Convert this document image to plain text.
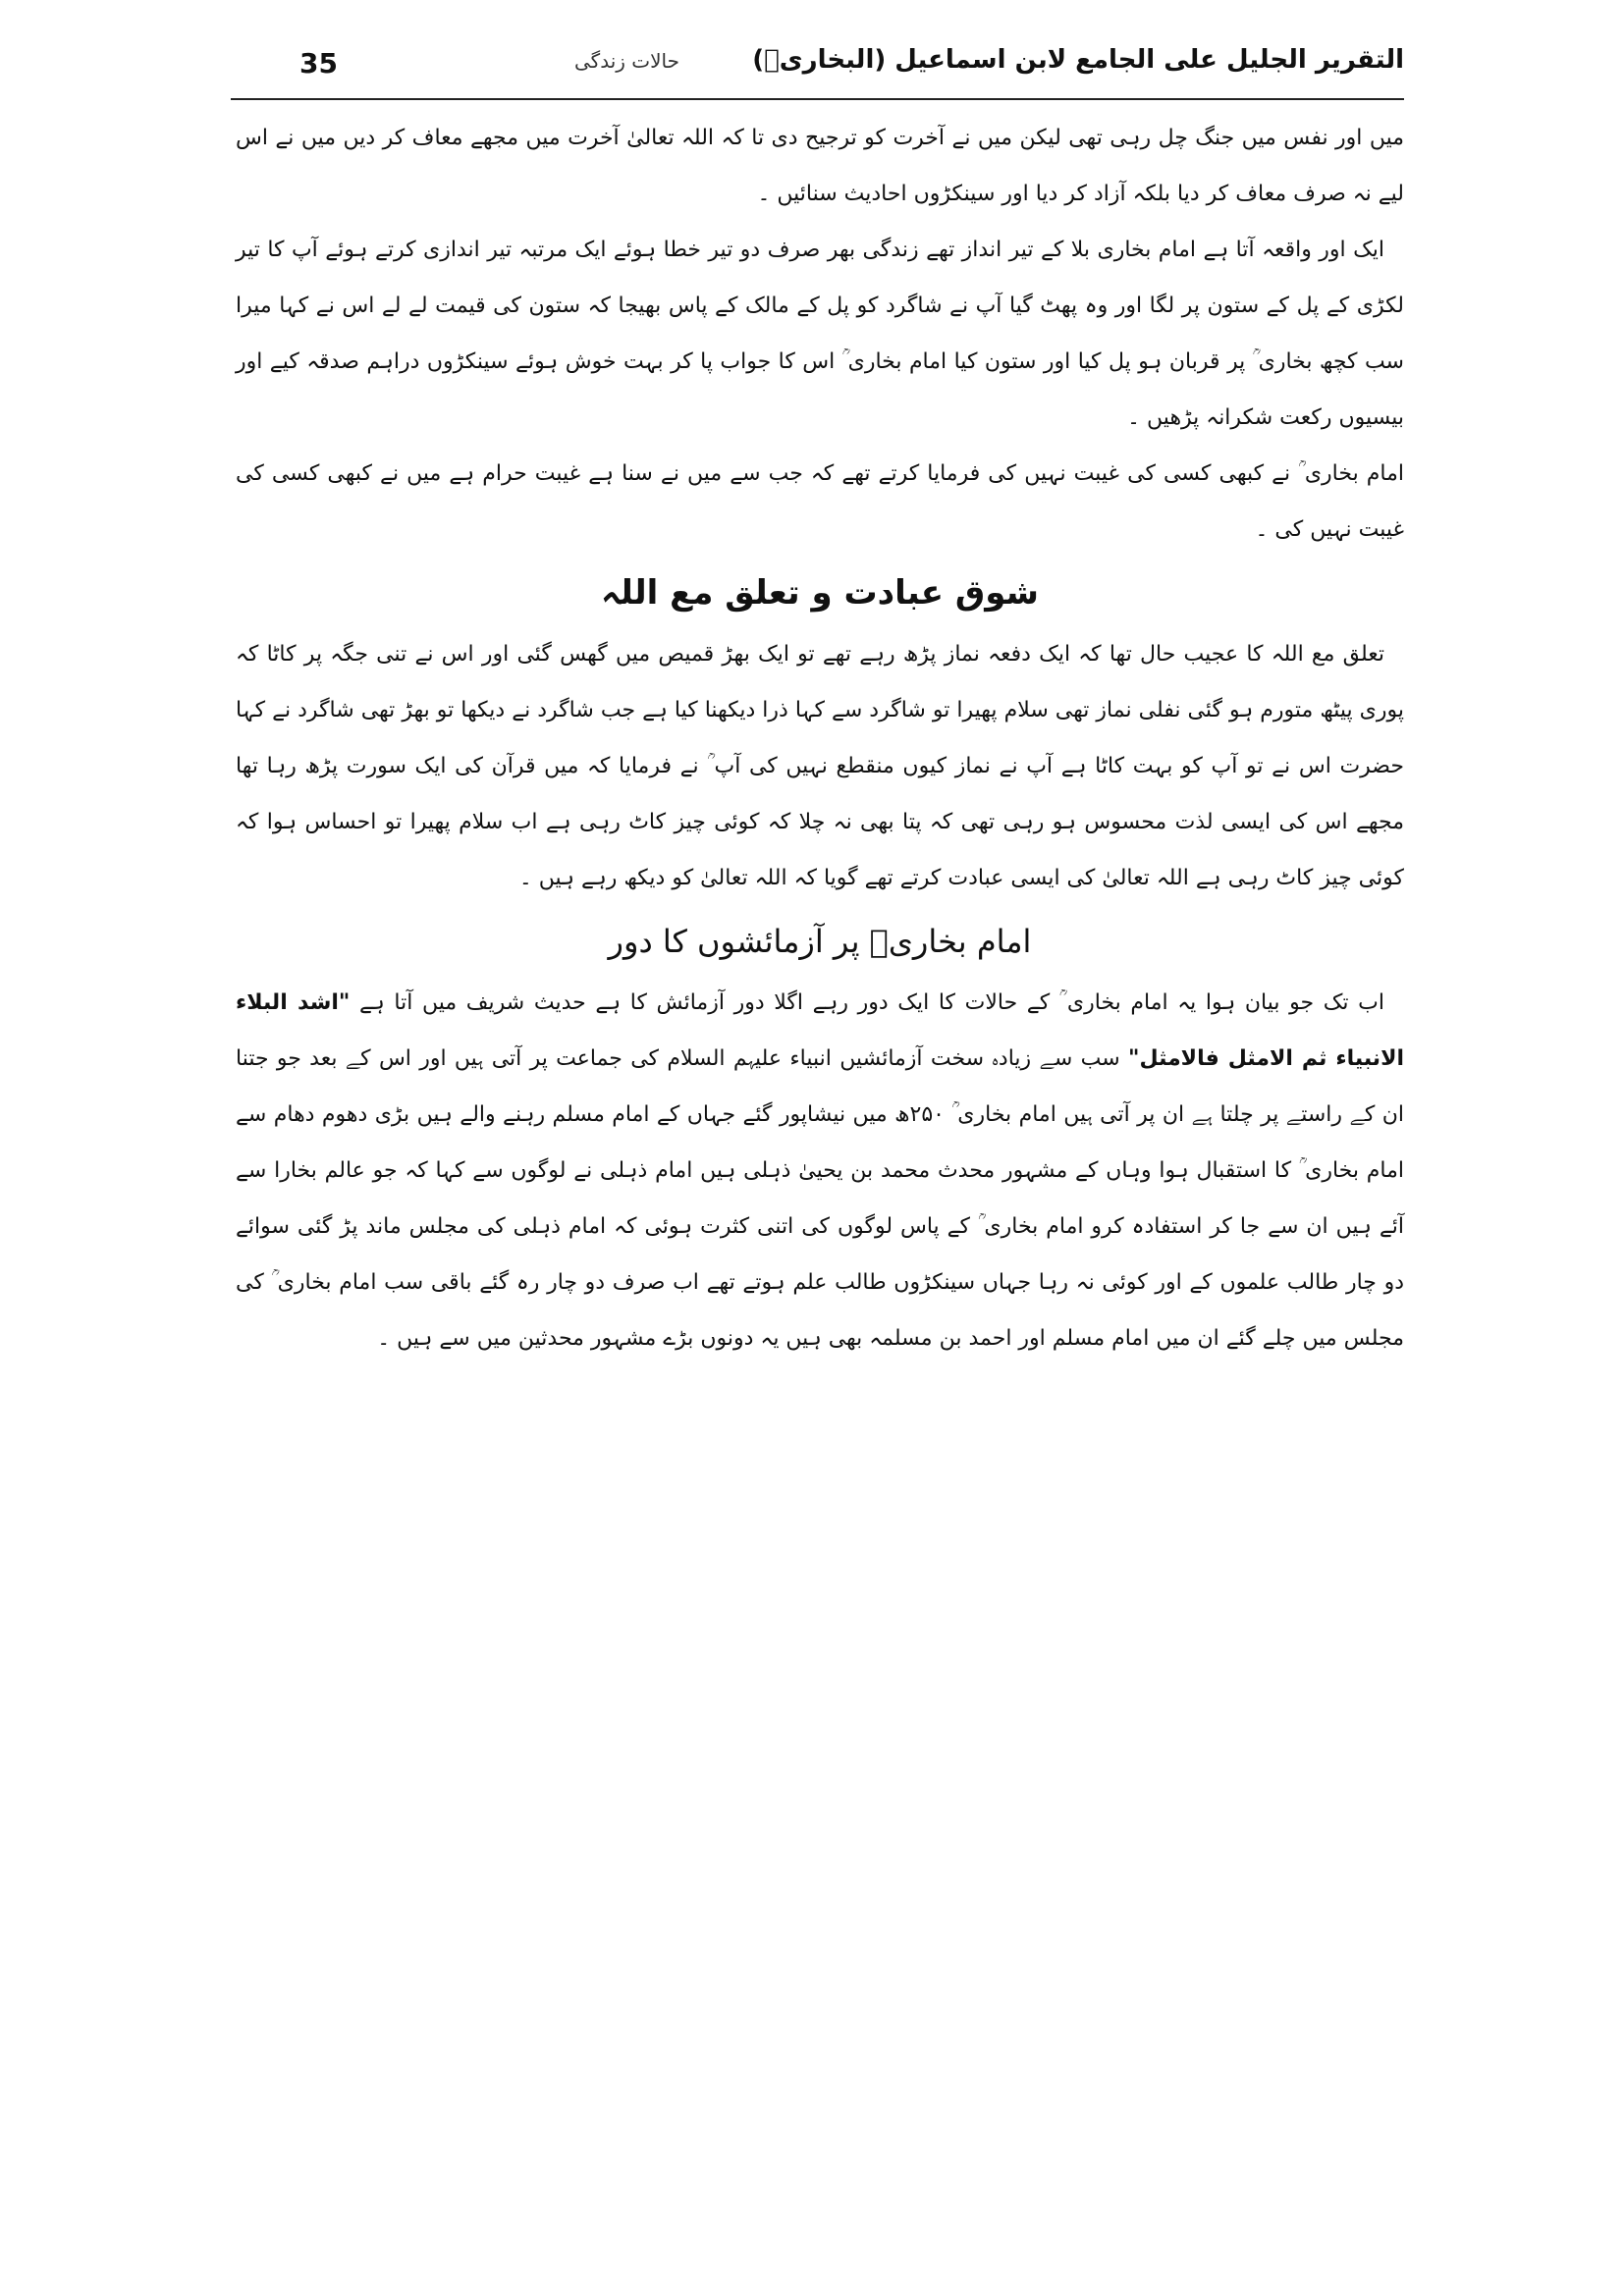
35	حالات زندگی	التقریر الجلیل علی الجامع لابن اسماعیل (البخاریؒ)

میں اور نفس میں جنگ چل رہی تھی لیکن میں نے آخرت کو ترجیح دی تا کہ اللہ تعالیٰ آخرت میں مجھے معاف کر دیں میں نے اس لیے نہ صرف معاف کر دیا بلکہ آزاد کر دیا اور سینکڑوں احادیث سنائیں ۔

ایک اور واقعہ آتا ہے امام بخاری بلا کے تیر انداز تھے زندگی بھر صرف دو تیر خطا ہوئے ایک مرتبہ تیر اندازی کرتے ہوئے آپ کا تیر لکڑی کے پل کے ستون پر لگا اور وہ پھٹ گیا آپ نے شاگرد کو پل کے مالک کے پاس بھیجا کہ ستون کی قیمت لے لے اس نے کہا میرا سب کچھ بخاری ؒ پر قربان ہو پل کیا اور ستون کیا امام بخاری ؒ اس کا جواب پا کر بہت خوش ہوئے سینکڑوں دراہم صدقہ کیے اور بیسیوں رکعت شکرانہ پڑھیں ۔

امام بخاری ؒ نے کبھی کسی کی غیبت نہیں کی فرمایا کرتے تھے کہ جب سے میں نے سنا ہے غیبت حرام ہے میں نے کبھی کسی کی غیبت نہیں کی ۔

شوق عبادت و تعلق مع اللہ

تعلق مع اللہ کا عجیب حال تھا کہ ایک دفعہ نماز پڑھ رہے تھے تو ایک بھڑ قمیص میں گھس گئی اور اس نے تنی جگہ پر کاٹا کہ پوری پیٹھ متورم ہو گئی نفلی نماز تھی سلام پھیرا تو شاگرد سے کہا ذرا دیکھنا کیا ہے جب شاگرد نے دیکھا تو بھڑ تھی شاگرد نے کہا حضرت اس نے تو آپ کو بہت کاٹا ہے آپ نے نماز کیوں منقطع نہیں کی آپ ؒ نے فرمایا کہ میں قرآن کی ایک سورت پڑھ رہا تھا مجھے اس کی ایسی لذت محسوس ہو رہی تھی کہ پتا بھی نہ چلا کہ کوئی چیز کاٹ رہی ہے اب سلام پھیرا تو احساس ہوا کہ کوئی چیز کاٹ رہی ہے اللہ تعالیٰ کی ایسی عبادت کرتے تھے گویا کہ اللہ تعالیٰ کو دیکھ رہے ہیں ۔

امام بخاریؒ پر آزمائشوں کا دور

اب تک جو بیان ہوا یہ امام بخاری ؒ کے حالات کا ایک دور رہے اگلا دور آزمائش کا ہے حدیث شریف میں آتا ہے "اشد البلاء الانبیاء ثم الامثل فالامثل" سب سے زیادہ سخت آزمائشیں انبیاء علیہم السلام کی جماعت پر آتی ہیں اور اس کے بعد جو جتنا ان کے راستے پر چلتا ہے ان پر آتی ہیں امام بخاری ؒ ۲۵۰ھ میں نیشاپور گئے جہاں کے امام مسلم رہنے والے ہیں بڑی دھوم دھام سے امام بخاری ؒ کا استقبال ہوا وہاں کے مشہور محدث محمد بن یحییٰ ذہلی ہیں امام ذہلی نے لوگوں سے کہا کہ جو عالم بخارا سے آئے ہیں ان سے جا کر استفادہ کرو امام بخاری ؒ کے پاس لوگوں کی اتنی کثرت ہوئی کہ امام ذہلی کی مجلس ماند پڑ گئی سوائے دو چار طالب علموں کے اور کوئی نہ رہا جہاں سینکڑوں طالب علم ہوتے تھے اب صرف دو چار رہ گئے باقی سب امام بخاری ؒ کی مجلس میں چلے گئے ان میں امام مسلم اور احمد بن مسلمہ بھی ہیں یہ دونوں بڑے مشہور محدثین میں سے ہیں ۔
